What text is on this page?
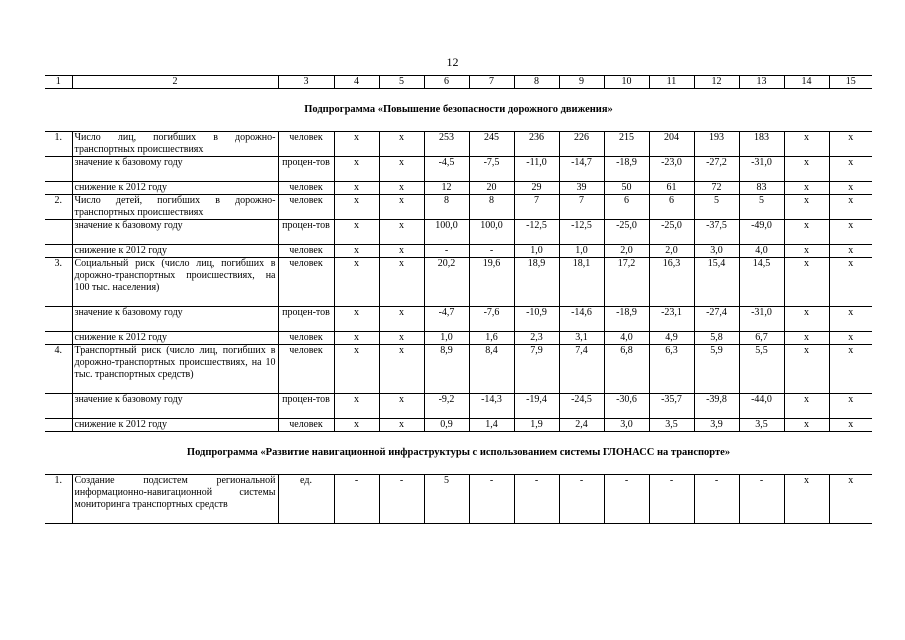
12
1	2	3	4	5	6	7	8	9	10	11	12	13	14	15
Подпрограмма «Повышение безопасности дорожного движения»														
1.	Число лиц, погибших в дорожно-транспортных происшествиях	человек	x	x	253	245	236	226	215	204	193	183	x	x
	значение к базовому году	процен-тов	x	x	-4,5	-7,5	-11,0	-14,7	-18,9	-23,0	-27,2	-31,0	x	x
	снижение к 2012 году	человек	x	x	12	20	29	39	50	61	72	83	x	x
2.	Число детей, погибших в дорожно-транспортных происшествиях	человек	x	x	8	8	7	7	6	6	5	5	x	x
	значение к базовому году	процен-тов	x	x	100,0	100,0	-12,5	-12,5	-25,0	-25,0	-37,5	-49,0	x	x
	снижение к 2012 году	человек	x	x	-	-	1,0	1,0	2,0	2,0	3,0	4,0	x	x
3.	Социальный риск (число лиц, погибших в дорожно-транспортных происшествиях, на 100 тыс. населения)	человек	x	x	20,2	19,6	18,9	18,1	17,2	16,3	15,4	14,5	x	x
	значение к базовому году	процен-тов	x	x	-4,7	-7,6	-10,9	-14,6	-18,9	-23,1	-27,4	-31,0	x	x
	снижение к 2012 году	человек	x	x	1,0	1,6	2,3	3,1	4,0	4,9	5,8	6,7	x	x
4.	Транспортный риск (число лиц, погибших в дорожно-транспортных происшествиях, на 10 тыс. транспортных средств)	человек	x	x	8,9	8,4	7,9	7,4	6,8	6,3	5,9	5,5	x	x
	значение к базовому году	процен-тов	x	x	-9,2	-14,3	-19,4	-24,5	-30,6	-35,7	-39,8	-44,0	x	x
	снижение к 2012 году	человек	x	x	0,9	1,4	1,9	2,4	3,0	3,5	3,9	3,5	x	x
Подпрограмма «Развитие навигационной инфраструктуры с использованием системы ГЛОНАСС на транспорте»														
1.	Создание подсистем региональной информационно-навигационной системы мониторинга транспортных средств	ед.	-	-	5	-	-	-	-	-	-	-	x	x
